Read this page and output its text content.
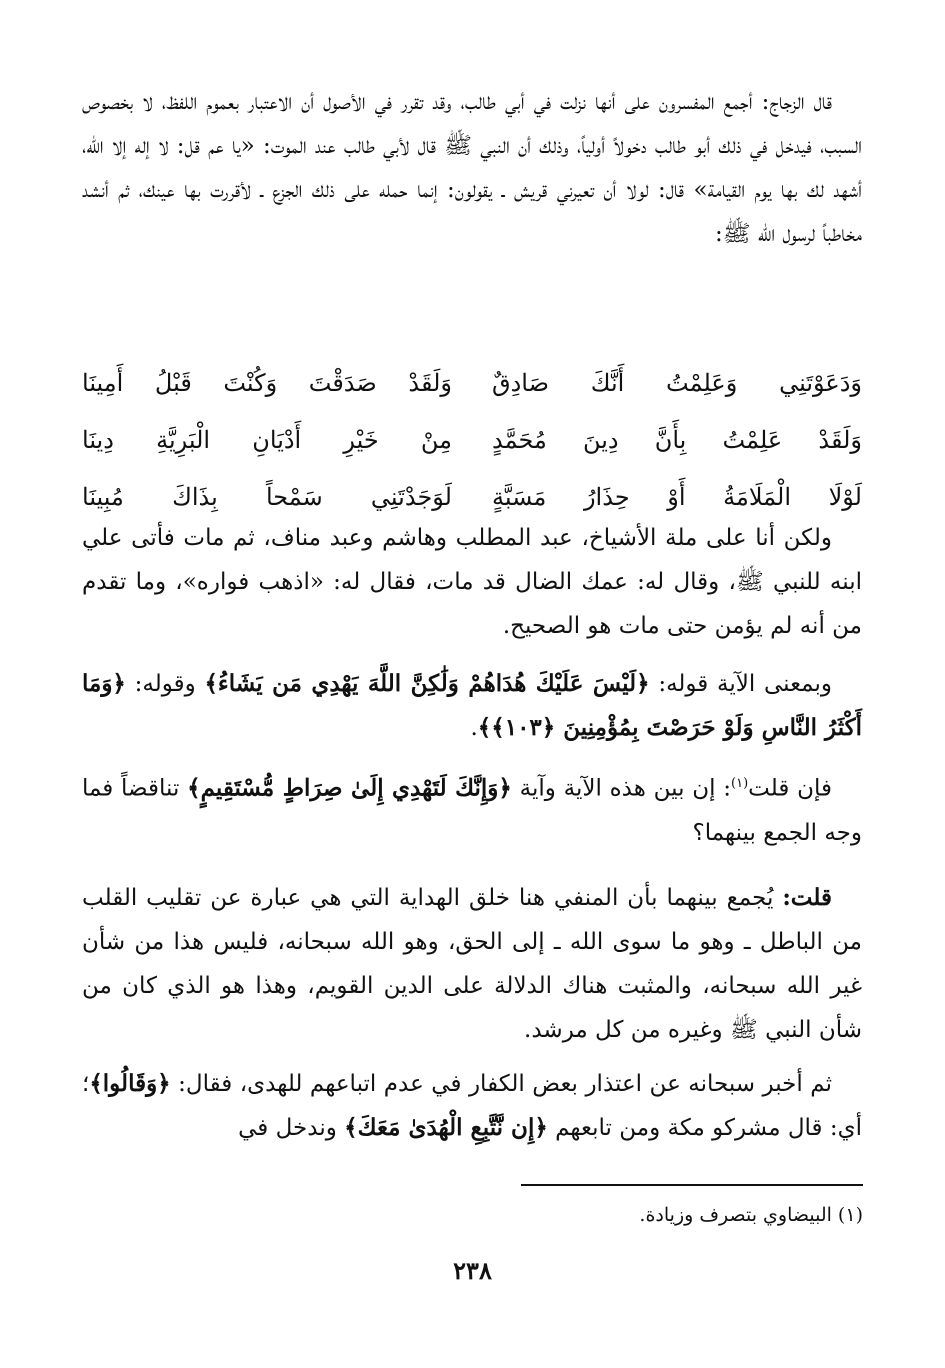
قال الزجاج: أجمع المفسرون على أنها نزلت في أبي طالب، وقد تقرر في الأصول أن الاعتبار بعموم اللفظ، لا بخصوص السبب، فيدخل في ذلك أبو طالب دخولاً أولياً، وذلك أن النبي ﷺ قال لأبي طالب عند الموت: «يا عم قل: لا إله إلا الله، أشهد لك بها يوم القيامة» قال: لولا أن تعيرني قريش ـ يقولون: إنما حمله على ذلك الجزع ـ لأقررت بها عينك، ثم أنشد مخاطباً لرسول الله ﷺ:

وَدَعَوْتَنِي وَعَلِمْتُ أَنَّكَ صَادِقٌ
وَلَقَدْ صَدَقْتَ وَكُنْتَ قَبْلُ أَمِينَا
وَلَقَدْ عَلِمْتُ بِأَنَّ دِينَ مُحَمَّدٍ
مِنْ خَيْرِ أَدْيَانِ الْبَرِيَّةِ دِينَا
لَوْلَا الْمَلَامَةُ أَوْ حِذَارُ مَسَبَّةٍ
لَوَجَدْتَنِي سَمْحاً بِذَاكَ مُبِينَا

ولكن أنا على ملة الأشياخ، عبد المطلب وهاشم وعبد مناف، ثم مات فأتى علي ابنه للنبي ﷺ، وقال له: عمك الضال قد مات، فقال له: «اذهب فواره»، وما تقدم من أنه لم يؤمن حتى مات هو الصحيح.

وبمعنى الآية قوله: ﴿لَيْسَ عَلَيْكَ هُدَاهُمْ وَلَٰكِنَّ اللَّهَ يَهْدِي مَن يَشَاءُ﴾ وقوله: ﴿وَمَا أَكْثَرُ النَّاسِ وَلَوْ حَرَصْتَ بِمُؤْمِنِينَ ﴿١٠٣﴾﴾.

فإن قلت$^{(١)}$: إن بين هذه الآية وآية ﴿وَإِنَّكَ لَتَهْدِي إِلَىٰ صِرَاطٍ مُّسْتَقِيمٍ﴾ تناقضاً فما وجه الجمع بينهما؟

قلت: يُجمع بينهما بأن المنفي هنا خلق الهداية التي هي عبارة عن تقليب القلب من الباطل ـ وهو ما سوى الله ـ إلى الحق، وهو الله سبحانه، فليس هذا من شأن غير الله سبحانه، والمثبت هناك الدلالة على الدين القويم، وهذا هو الذي كان من شأن النبي ﷺ وغيره من كل مرشد.

ثم أخبر سبحانه عن اعتذار بعض الكفار في عدم اتباعهم للهدى، فقال: ﴿وَقَالُوا﴾؛ أي: قال مشركو مكة ومن تابعهم ﴿إِن نَّتَّبِعِ الْهُدَىٰ مَعَكَ﴾ وندخل في

(١) البيضاوي بتصرف وزيادة.
٢٣٨
